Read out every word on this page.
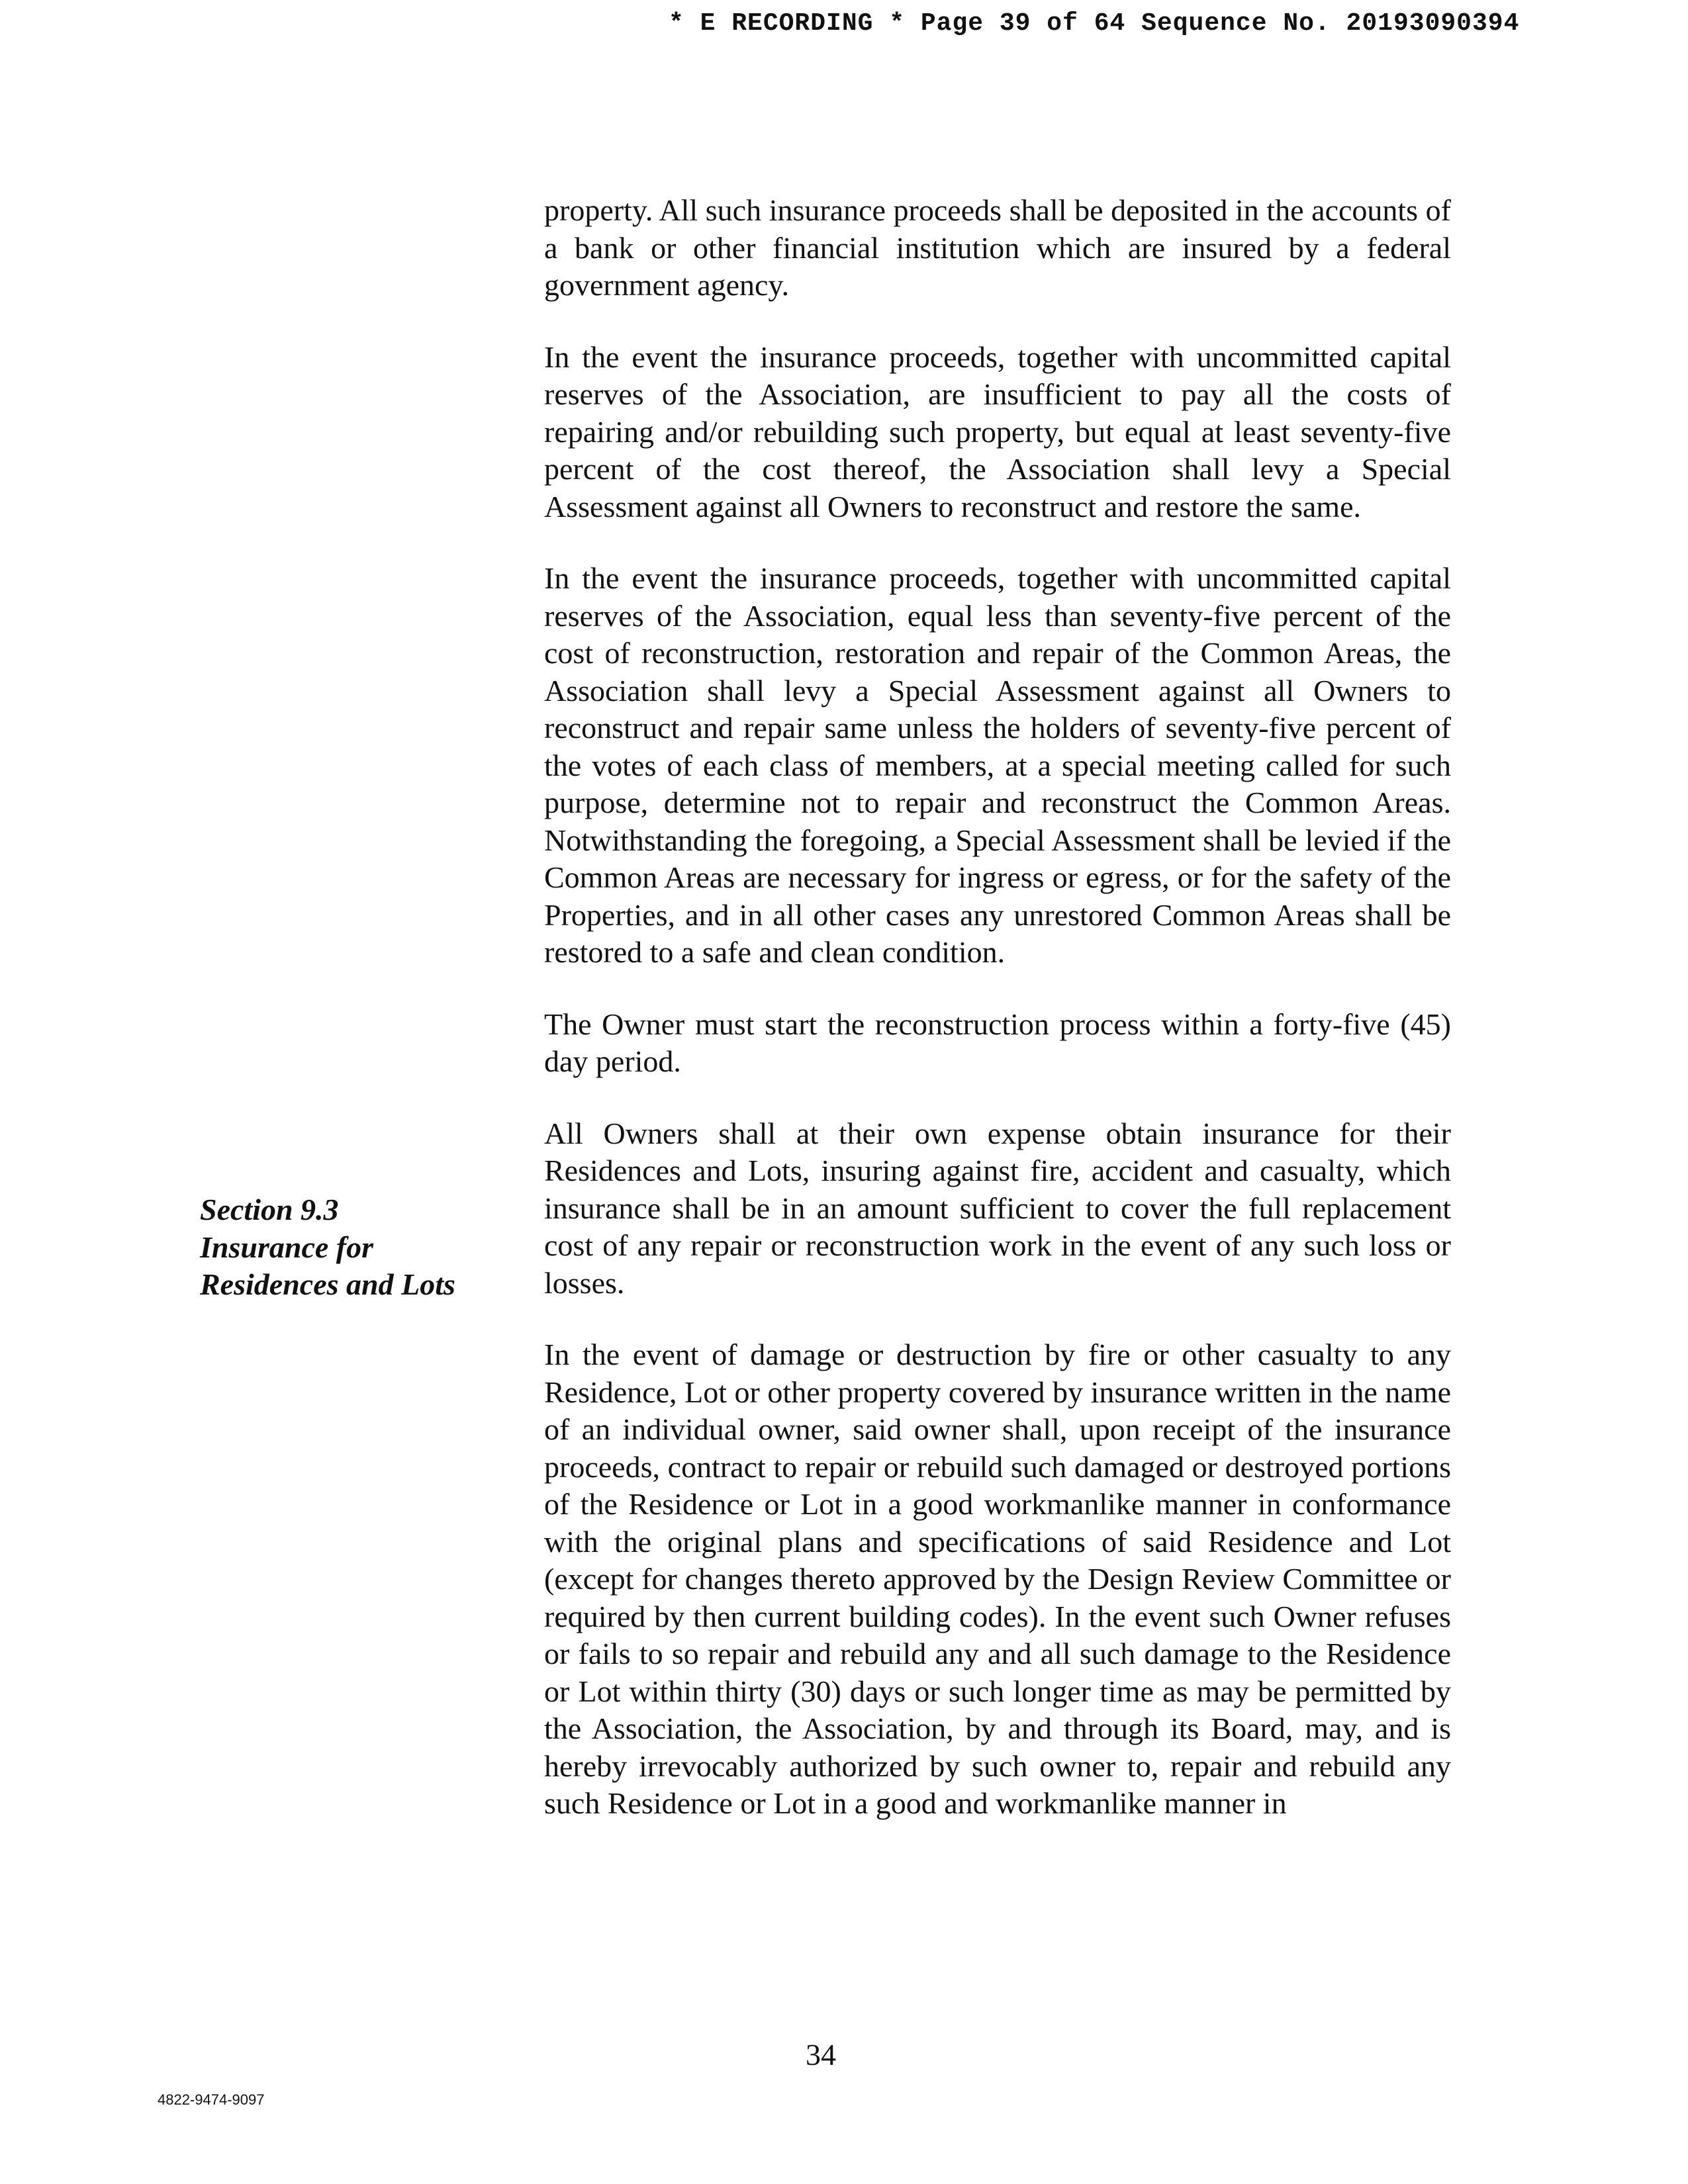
* E RECORDING * Page 39 of 64 Sequence No. 20193090394
Section 9.3
Insurance for
Residences and Lots

property. All such insurance proceeds shall be deposited in the accounts of a bank or other financial institution which are insured by a federal government agency.

In the event the insurance proceeds, together with uncommitted capital reserves of the Association, are insufficient to pay all the costs of repairing and/or rebuilding such property, but equal at least seventy-five percent of the cost thereof, the Association shall levy a Special Assessment against all Owners to reconstruct and restore the same.

In the event the insurance proceeds, together with uncommitted capital reserves of the Association, equal less than seventy-five percent of the cost of reconstruction, restoration and repair of the Common Areas, the Association shall levy a Special Assessment against all Owners to reconstruct and repair same unless the holders of seventy-five percent of the votes of each class of members, at a special meeting called for such purpose, determine not to repair and reconstruct the Common Areas. Notwithstanding the foregoing, a Special Assessment shall be levied if the Common Areas are necessary for ingress or egress, or for the safety of the Properties, and in all other cases any unrestored Common Areas shall be restored to a safe and clean condition.

The Owner must start the reconstruction process within a forty-five (45) day period.

All Owners shall at their own expense obtain insurance for their Residences and Lots, insuring against fire, accident and casualty, which insurance shall be in an amount sufficient to cover the full replacement cost of any repair or reconstruction work in the event of any such loss or losses.

In the event of damage or destruction by fire or other casualty to any Residence, Lot or other property covered by insurance written in the name of an individual owner, said owner shall, upon receipt of the insurance proceeds, contract to repair or rebuild such damaged or destroyed portions of the Residence or Lot in a good workmanlike manner in conformance with the original plans and specifications of said Residence and Lot (except for changes thereto approved by the Design Review Committee or required by then current building codes). In the event such Owner refuses or fails to so repair and rebuild any and all such damage to the Residence or Lot within thirty (30) days or such longer time as may be permitted by the Association, the Association, by and through its Board, may, and is hereby irrevocably authorized by such owner to, repair and rebuild any such Residence or Lot in a good and workmanlike manner in

34
4822-9474-9097
